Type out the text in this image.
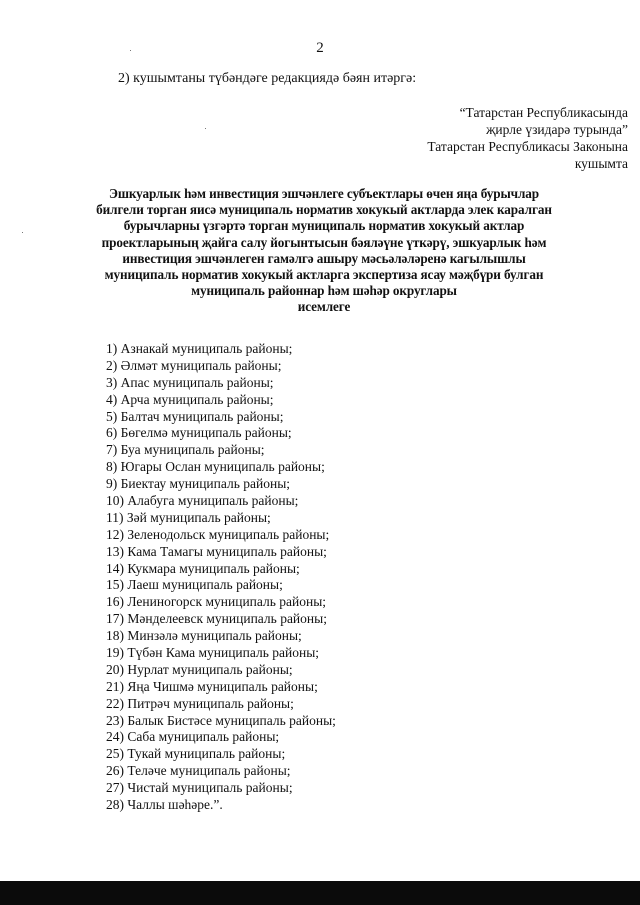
2
2) кушымтаны түбәндәге редакциядә бәян итәргә:
“Татарстан Республикасында
җирле үзидарә турында”
Татарстан Республикасы Законына
кушымта
Эшкуарлык һәм инвестиция эшчәнлеге субъектлары өчен яңа бурычлар
билгели торган яисә муниципаль норматив хокукый актларда элек каралган
бурычларны үзгәртә торган муниципаль норматив хокукый актлар
проектларының җайга салу йогынтысын бәяләүне үткәрү, эшкуарлык һәм
инвестиция эшчәнлеген гамәлгә ашыру мәсьәләләренә кагылышлы
муниципаль норматив хокукый актларга экспертиза ясау мәҗбүри булган
муниципаль районнар һәм шәһәр округлары
исемлеге
1) Азнакай муниципаль районы;
2) Әлмәт муниципаль районы;
3) Апас муниципаль районы;
4) Арча муниципаль районы;
5) Балтач муниципаль районы;
6) Бөгелмә муниципаль районы;
7) Буа муниципаль районы;
8) Югары Ослан муниципаль районы;
9) Биектау муниципаль районы;
10) Алабуга муниципаль районы;
11) Зәй муниципаль районы;
12) Зеленодольск муниципаль районы;
13) Кама Тамагы муниципаль районы;
14) Кукмара муниципаль районы;
15) Лаеш муниципаль районы;
16) Лениногорск муниципаль районы;
17) Мәнделеевск муниципаль районы;
18) Минзәлә муниципаль районы;
19) Түбән Кама муниципаль районы;
20) Нурлат муниципаль районы;
21) Яңа Чишмә муниципаль районы;
22) Питрәч муниципаль районы;
23) Балык Бистәсе муниципаль районы;
24) Саба муниципаль районы;
25) Тукай муниципаль районы;
26) Теләче муниципаль районы;
27) Чистай муниципаль районы;
28) Чаллы шәһәре.”.
